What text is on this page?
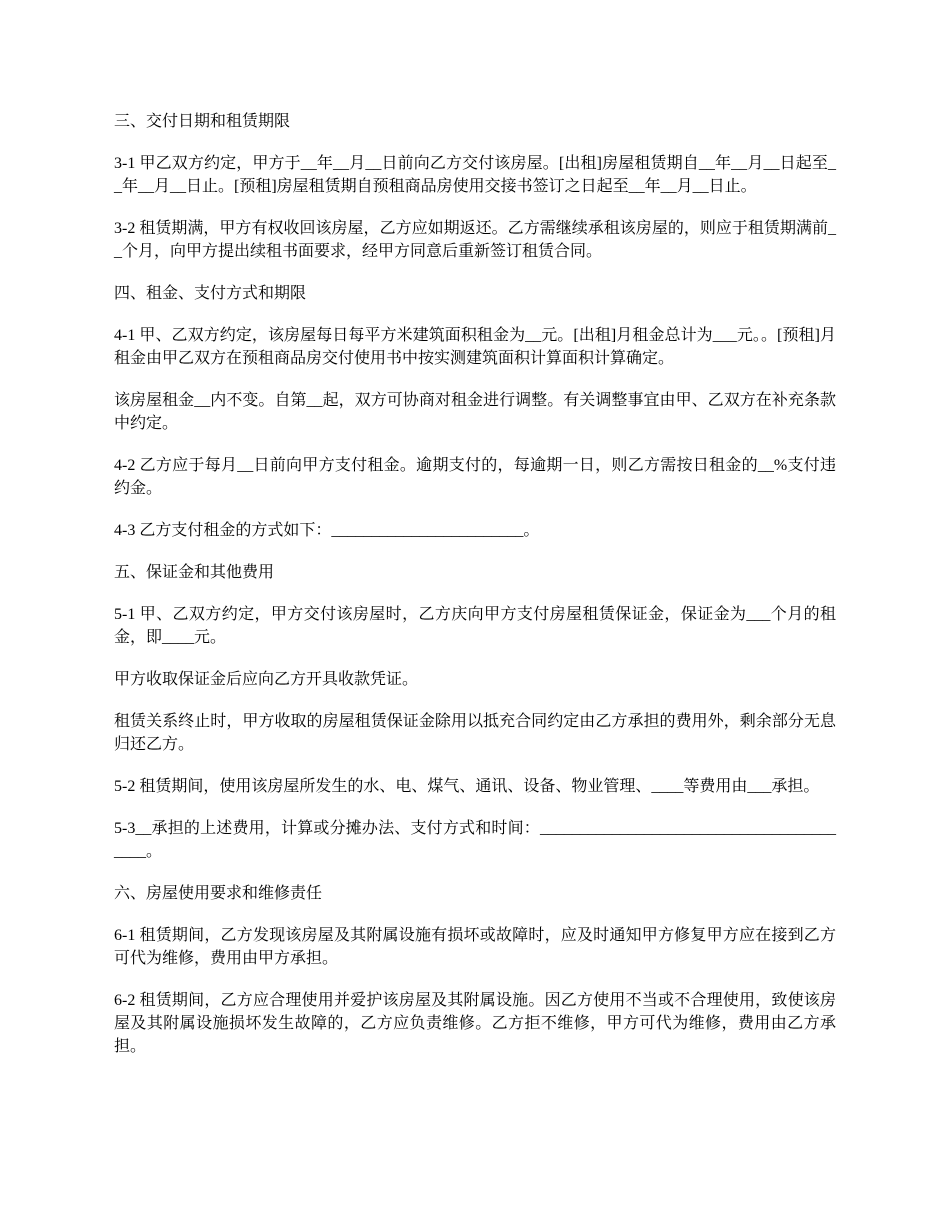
三、交付日期和租赁期限

3-1 甲乙双方约定，甲方于__年__月__日前向乙方交付该房屋。[出租]房屋租赁期自__年__月__日起至__年__月__日止。[预租]房屋租赁期自预租商品房使用交接书签订之日起至__年__月__日止。

3-2 租赁期满，甲方有权收回该房屋，乙方应如期返还。乙方需继续承租该房屋的，则应于租赁期满前__个月，向甲方提出续租书面要求，经甲方同意后重新签订租赁合同。

四、租金、支付方式和期限

4-1 甲、乙双方约定，该房屋每日每平方米建筑面积租金为__元。[出租]月租金总计为___元。。[预租]月租金由甲乙双方在预租商品房交付使用书中按实测建筑面积计算面积计算确定。

该房屋租金__内不变。自第__起，双方可协商对租金进行调整。有关调整事宜由甲、乙双方在补充条款中约定。

4-2 乙方应于每月__日前向甲方支付租金。逾期支付的，每逾期一日，则乙方需按日租金的__%支付违约金。

4-3 乙方支付租金的方式如下：________________________。

五、保证金和其他费用

5-1 甲、乙双方约定，甲方交付该房屋时，乙方庆向甲方支付房屋租赁保证金，保证金为___个月的租金，即____元。

甲方收取保证金后应向乙方开具收款凭证。

租赁关系终止时，甲方收取的房屋租赁保证金除用以抵充合同约定由乙方承担的费用外，剩余部分无息归还乙方。

5-2 租赁期间，使用该房屋所发生的水、电、煤气、通讯、设备、物业管理、____等费用由___承担。

5-3__承担的上述费用，计算或分摊办法、支付方式和时间：_________________________________________。

六、房屋使用要求和维修责任

6-1 租赁期间，乙方发现该房屋及其附属设施有损坏或故障时，应及时通知甲方修复甲方应在接到乙方可代为维修，费用由甲方承担。

6-2 租赁期间，乙方应合理使用并爱护该房屋及其附属设施。因乙方使用不当或不合理使用，致使该房屋及其附属设施损坏发生故障的，乙方应负责维修。乙方拒不维修，甲方可代为维修，费用由乙方承担。
